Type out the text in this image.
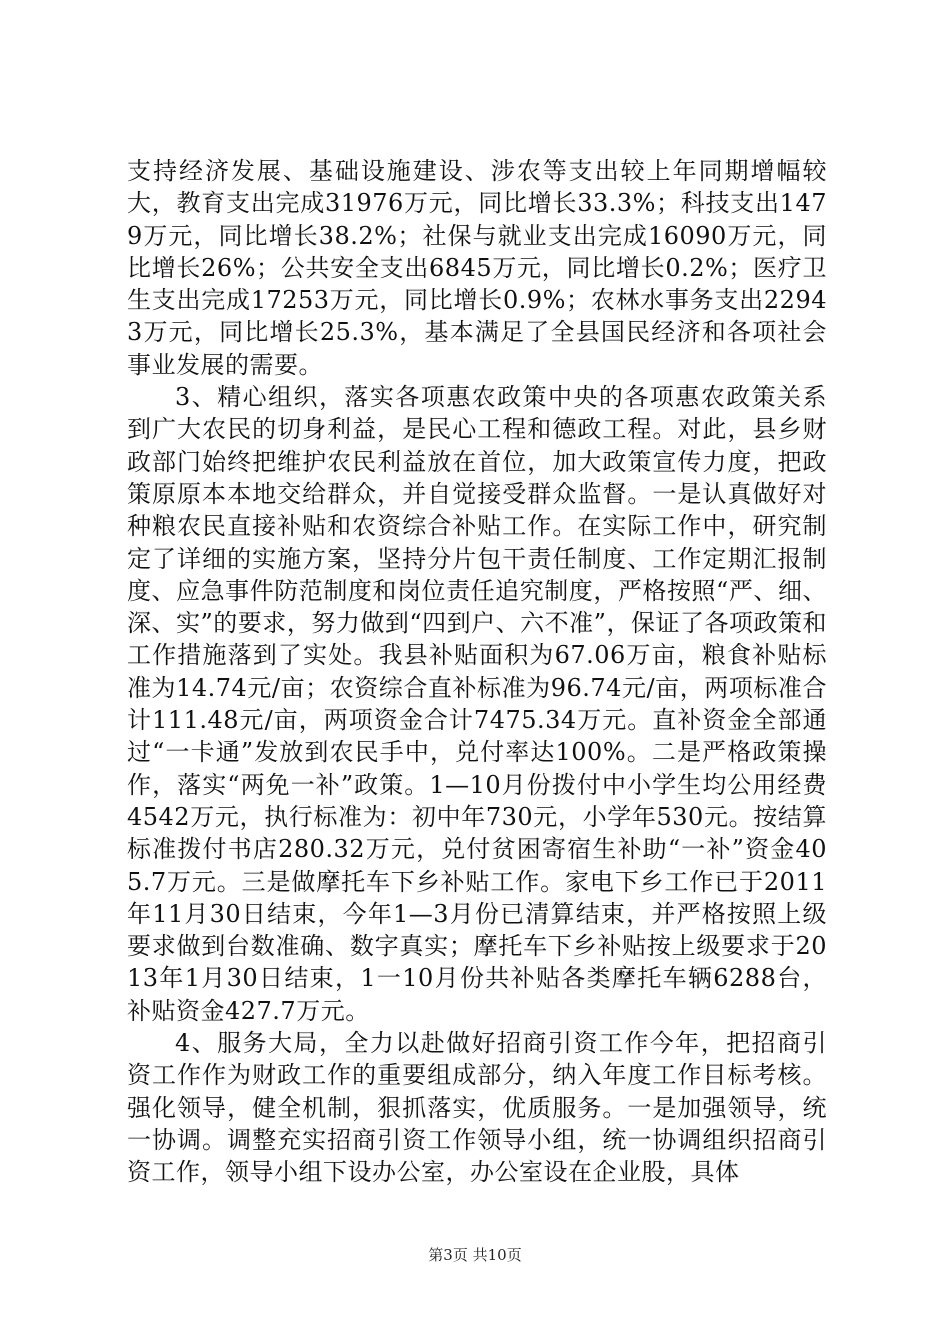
支持经济发展、基础设施建设、涉农等支出较上年同期增幅较大，教育支出完成31976万元，同比增长33.3%；科技支出1479万元，同比增长38.2%；社保与就业支出完成16090万元，同比增长26%；公共安全支出6845万元，同比增长0.2%；医疗卫生支出完成17253万元，同比增长0.9%；农林水事务支出22943万元，同比增长25.3%，基本满足了全县国民经济和各项社会事业发展的需要。

3、精心组织，落实各项惠农政策中央的各项惠农政策关系到广大农民的切身利益，是民心工程和德政工程。对此，县乡财政部门始终把维护农民利益放在首位，加大政策宣传力度，把政策原原本本地交给群众，并自觉接受群众监督。一是认真做好对种粮农民直接补贴和农资综合补贴工作。在实际工作中，研究制定了详细的实施方案，坚持分片包干责任制度、工作定期汇报制度、应急事件防范制度和岗位责任追究制度，严格按照“严、细、深、实”的要求，努力做到“四到户、六不准”，保证了各项政策和工作措施落到了实处。我县补贴面积为67.06万亩，粮食补贴标准为14.74元/亩；农资综合直补标准为96.74元/亩，两项标准合计111.48元/亩，两项资金合计7475.34万元。直补资金全部通过“一卡通”发放到农民手中，兑付率达100%。二是严格政策操作，落实“两免一补”政策。1—10月份拨付中小学生均公用经费4542万元，执行标准为：初中年730元，小学年530元。按结算标准拨付书店280.32万元，兑付贫困寄宿生补助“一补”资金405.7万元。三是做摩托车下乡补贴工作。家电下乡工作已于2011年11月30日结束，今年1—3月份已清算结束，并严格按照上级要求做到台数准确、数字真实；摩托车下乡补贴按上级要求于2013年1月30日结束，1一10月份共补贴各类摩托车辆6288台，补贴资金427.7万元。

4、服务大局，全力以赴做好招商引资工作今年，把招商引资工作作为财政工作的重要组成部分，纳入年度工作目标考核。强化领导，健全机制，狠抓落实，优质服务。一是加强领导，统一协调。调整充实招商引资工作领导小组，统一协调组织招商引资工作，领导小组下设办公室，办公室设在企业股，具体

第3页 共10页
